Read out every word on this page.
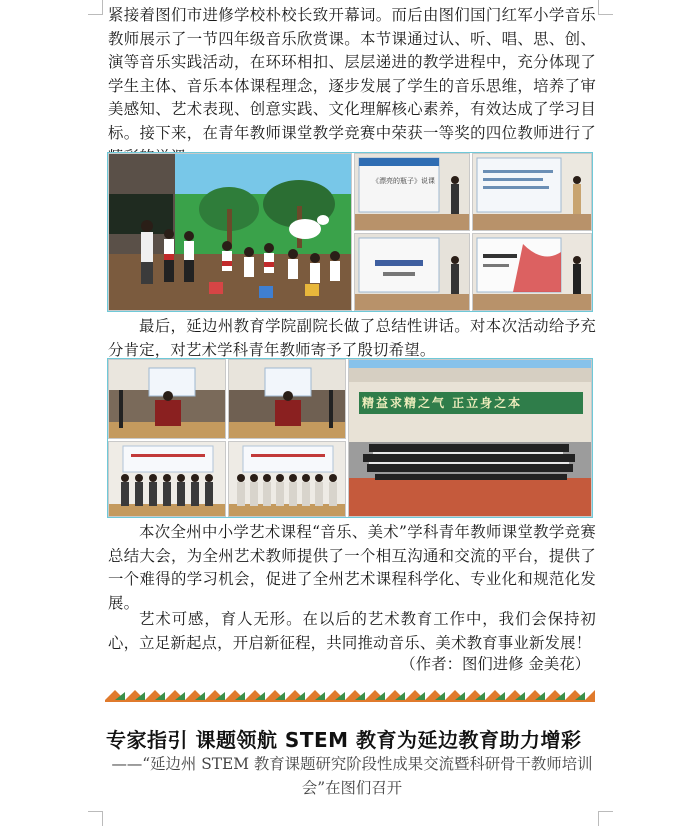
紧接着图们市进修学校朴校长致开幕词。而后由图们国门红军小学音乐教师展示了一节四年级音乐欣赏课。本节课通过认、听、唱、思、创、演等音乐实践活动，在环环相扣、层层递进的教学进程中，充分体现了学生主体、音乐本体课程理念，逐步发展了学生的音乐思维，培养了审美感知、艺术表现、创意实践、文化理解核心素养，有效达成了学习目标。接下来，在青年教师课堂教学竞赛中荣获一等奖的四位教师进行了

《漂亮的瓶子》说课

最后，延边州教育学院副院长做了总结性讲话。对本次活动给予充分肯定，对艺术学科青年教师寄予了殷切希望。

精益求精之气 正立身之本

本次全州中小学艺术课程“音乐、美术”学科青年教师课堂教学竞赛总结大会，为全州艺术教师提供了一个相互沟通和交流的平台，提供了一个难得的学习机会，促进了全州艺术课程科学化、专业化和规范化发展。

艺术可感，育人无形。在以后的艺术教育工作中，我们会保持初心，立足新起点，开启新征程，共同推动音乐、美术教育事业新发展！

（作者：图们进修 金美花）
专家指引 课题领航 STEM 教育为延边教育助力增彩

——“延边州 STEM 教育课题研究阶段性成果交流暨科研骨干教师培训会”在图们召开
